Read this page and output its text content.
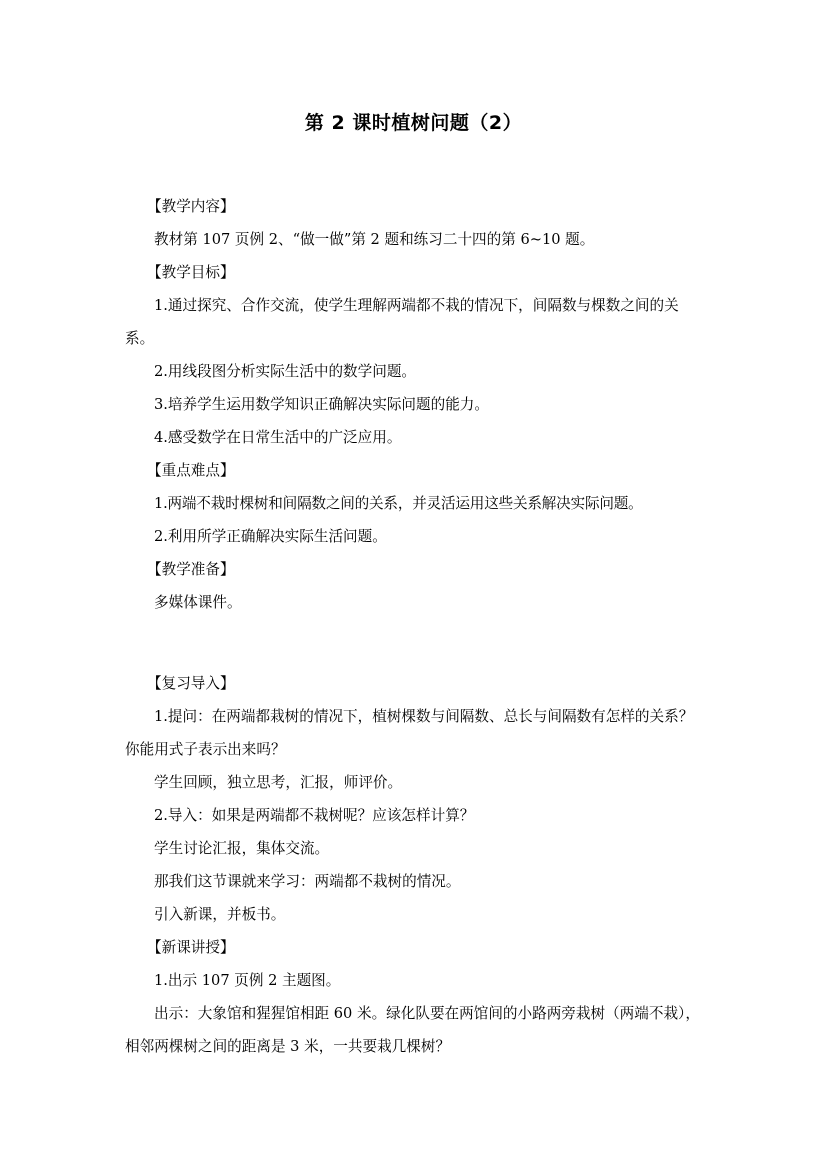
第 2 课时植树问题（2）

【教学内容】

教材第 107 页例 2、“做一做”第 2 题和练习二十四的第 6~10 题。

【教学目标】

1.通过探究、合作交流，使学生理解两端都不栽的情况下，间隔数与棵数之间的关系。

2.用线段图分析实际生活中的数学问题。

3.培养学生运用数学知识正确解决实际问题的能力。

4.感受数学在日常生活中的广泛应用。

【重点难点】

1.两端不栽时棵树和间隔数之间的关系，并灵活运用这些关系解决实际问题。

2.利用所学正确解决实际生活问题。

【教学准备】

多媒体课件。

【复习导入】

1.提问：在两端都栽树的情况下，植树棵数与间隔数、总长与间隔数有怎样的关系？你能用式子表示出来吗？

学生回顾，独立思考，汇报，师评价。

2.导入：如果是两端都不栽树呢？应该怎样计算？

学生讨论汇报，集体交流。

那我们这节课就来学习：两端都不栽树的情况。

引入新课，并板书。

【新课讲授】

1.出示 107 页例 2 主题图。

出示：大象馆和猩猩馆相距 60 米。绿化队要在两馆间的小路两旁栽树（两端不栽），相邻两棵树之间的距离是 3 米，一共要栽几棵树？
